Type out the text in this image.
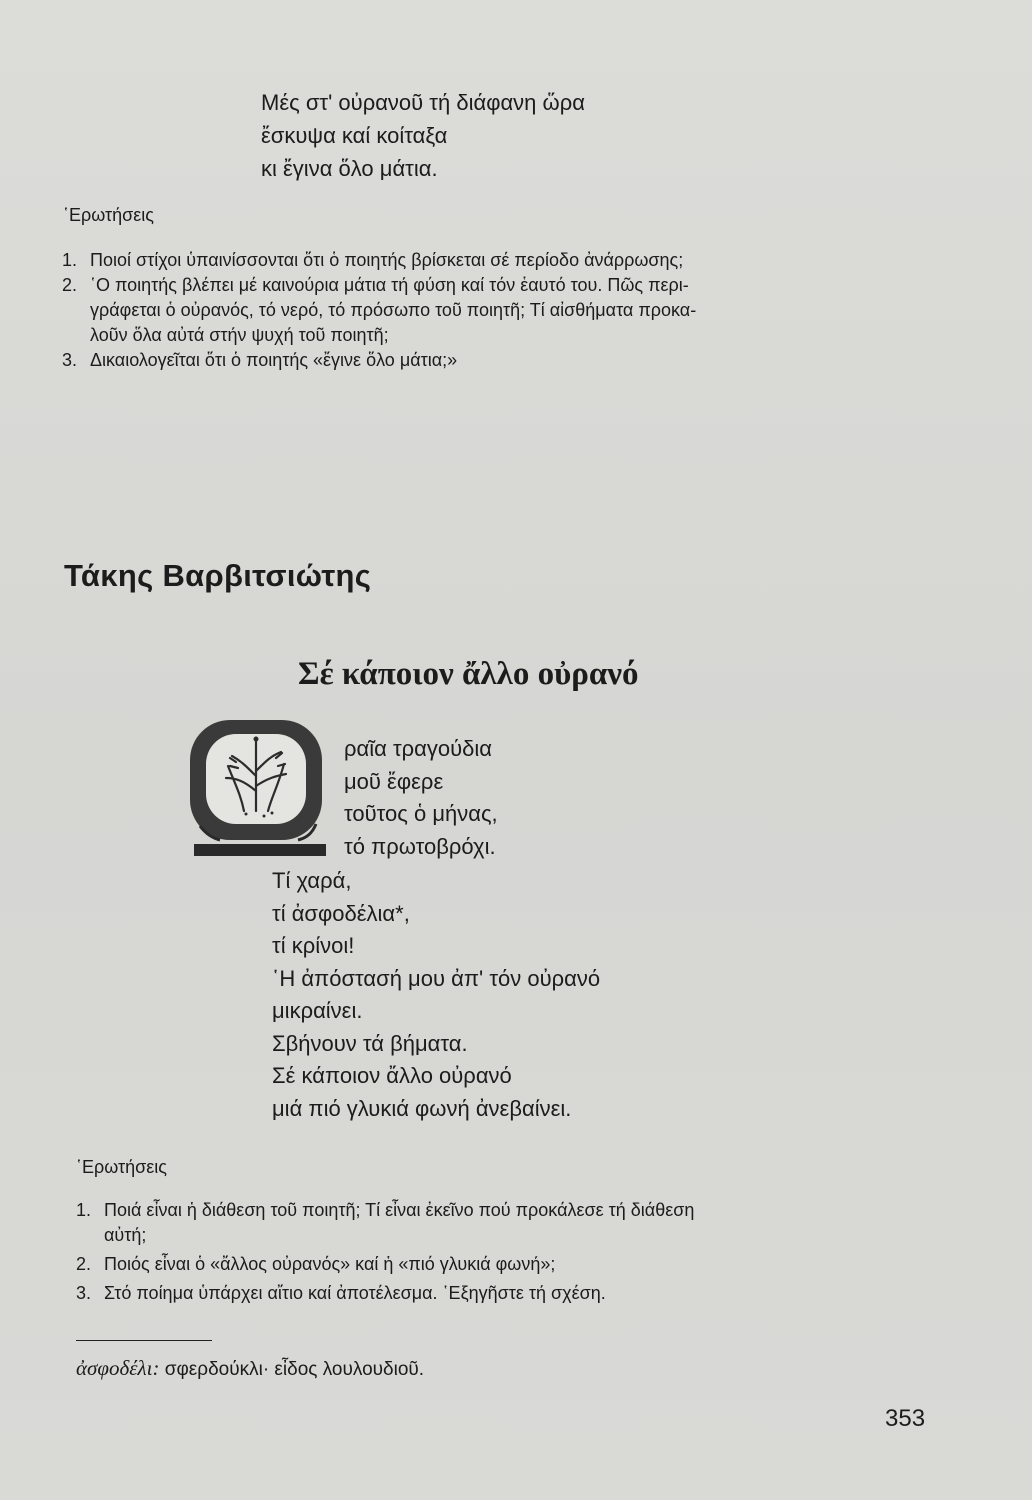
Μές στ' οὐρανοῦ τή διάφανη ὥρα
ἔσκυψα καί κοίταξα
κι ἔγινα ὅλο μάτια.
῾Ερωτήσεις
1. Ποιοί στίχοι ὑπαινίσσονται ὅτι ὁ ποιητής βρίσκεται σέ περίοδο ἀνάρρωσης;
2. ῾Ο ποιητής βλέπει μέ καινούρια μάτια τή φύση καί τόν ἑαυτό του. Πῶς περι-
γράφεται ὁ οὐρανός, τό νερό, τό πρόσωπο τοῦ ποιητῆ; Τί αἰσθήματα προκα-
λοῦν ὅλα αὐτά στήν ψυχή τοῦ ποιητῆ;
3. Δικαιολογεῖται ὅτι ὁ ποιητής «ἔγινε ὅλο μάτια;»
Τάκης Βαρβιτσιώτης
Σέ κάποιον ἄλλο οὐρανό
ραῖα τραγούδια
μοῦ ἔφερε
τοῦτος ὁ μήνας,
τό πρωτοβρόχι.
Τί χαρά,
τί ἀσφοδέλια*,
τί κρίνοι!
῾Η ἀπόστασή μου ἀπ' τόν οὐρανό
μικραίνει.
Σβήνουν τά βήματα.
Σέ κάποιον ἄλλο οὐρανό
μιά πιό γλυκιά φωνή ἀνεβαίνει.
῾Ερωτήσεις
1. Ποιά εἶναι ἡ διάθεση τοῦ ποιητῆ; Τί εἶναι ἐκεῖνο πού προκάλεσε τή διάθεση
αὐτή;
2. Ποιός εἶναι ὁ «ἄλλος οὐρανός» καί ἡ «πιό γλυκιά φωνή»;
3. Στό ποίημα ὑπάρχει αἴτιο καί ἀποτέλεσμα. ῾Εξηγῆστε τή σχέση.
ἀσφοδέλι: σφερδούκλι· εἶδος λουλουδιοῦ.
353
